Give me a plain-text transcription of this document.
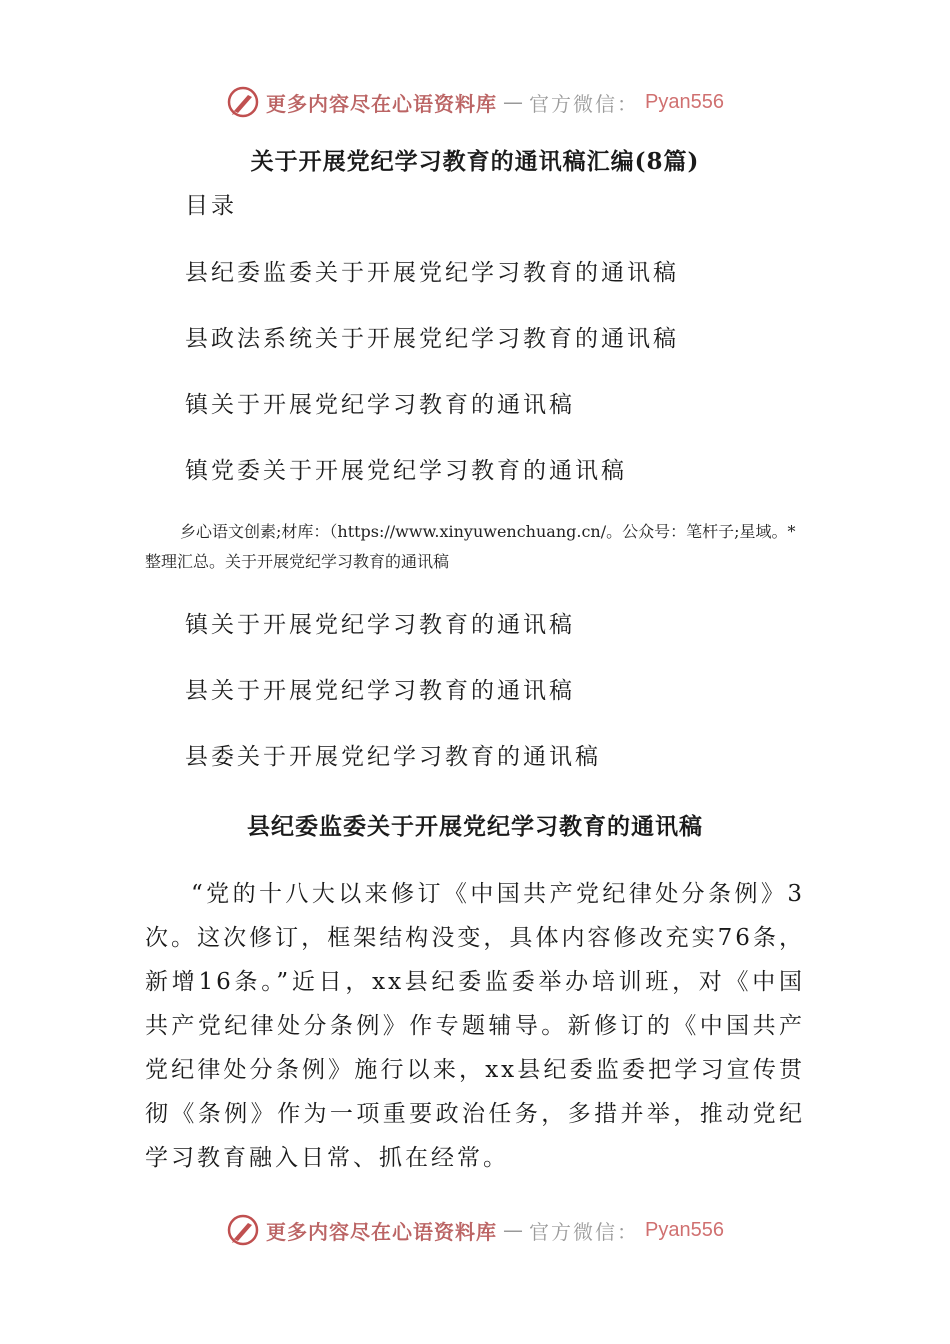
更多内容尽在心语资料库 — 官方微信： Pyan556
关于开展党纪学习教育的通讯稿汇编(8篇)
目录
县纪委监委关于开展党纪学习教育的通讯稿
县政法系统关于开展党纪学习教育的通讯稿
镇关于开展党纪学习教育的通讯稿
镇党委关于开展党纪学习教育的通讯稿
乡心语文创素;材库：（https://www.xinyuwenchuang.cn/。公众号：笔杆子;星域。*整理汇总。关于开展党纪学习教育的通讯稿
镇关于开展党纪学习教育的通讯稿
县关于开展党纪学习教育的通讯稿
县委关于开展党纪学习教育的通讯稿
县纪委监委关于开展党纪学习教育的通讯稿
“党的十八大以来修订《中国共产党纪律处分条例》3次。这次修订，框架结构没变，具体内容修改充实76条，新增16条。”近日，xx县纪委监委举办培训班，对《中国共产党纪律处分条例》作专题辅导。新修订的《中国共产党纪律处分条例》施行以来，xx县纪委监委把学习宣传贯彻《条例》作为一项重要政治任务，多措并举，推动党纪学习教育融入日常、抓在经常。
更多内容尽在心语资料库 — 官方微信： Pyan556
